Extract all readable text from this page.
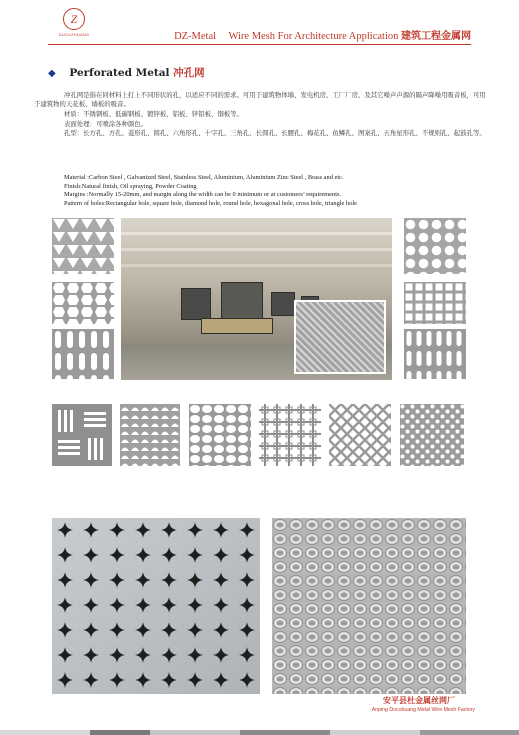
Z
DUCUZHUANG	DZ-Metal Wire Mesh For Architecture Application 建筑工程金属网
◆ Perforated Metal 冲孔网
冲孔网是指在同材料上打上不同形状的孔，以适应不同的需求。可用于建筑物体墙、发电机房、工厂厂房、及其它噪声声源的隔声降噪用吸音板，可用于建筑物的天花板、墙板的吸音。
材质：不锈钢板、低碳钢板、镀锌板、铝板、锌铝板、铜板等。
表面处理：可喷涂各种颜色。
孔型：长方孔、方孔、菱形孔、圆孔、六角形孔、十字孔、三角孔、长圆孔、长腰孔、梅花孔、鱼鳞孔、图案孔、五角星形孔、不规则孔、起鼓孔等。
Material :Carbon Steel , Galvanized Steel, Stainless Steel, Aluminium, Aluminium Zinc Steel , Brass and etc.
Finish:Natural finish, Oil spraying, Powder Coating
Margins :Normally 15-20mm, and margin along the width can be 0 minimum or at customers’ requirements.
Pattern of holes:Rectangular hole, square hole, diamond hole, round hole, hexagonal hole, cross hole, triangle hole
安平县杜金属丝网厂
Anping Ducuhuang Metal Wire Mesh Factory
